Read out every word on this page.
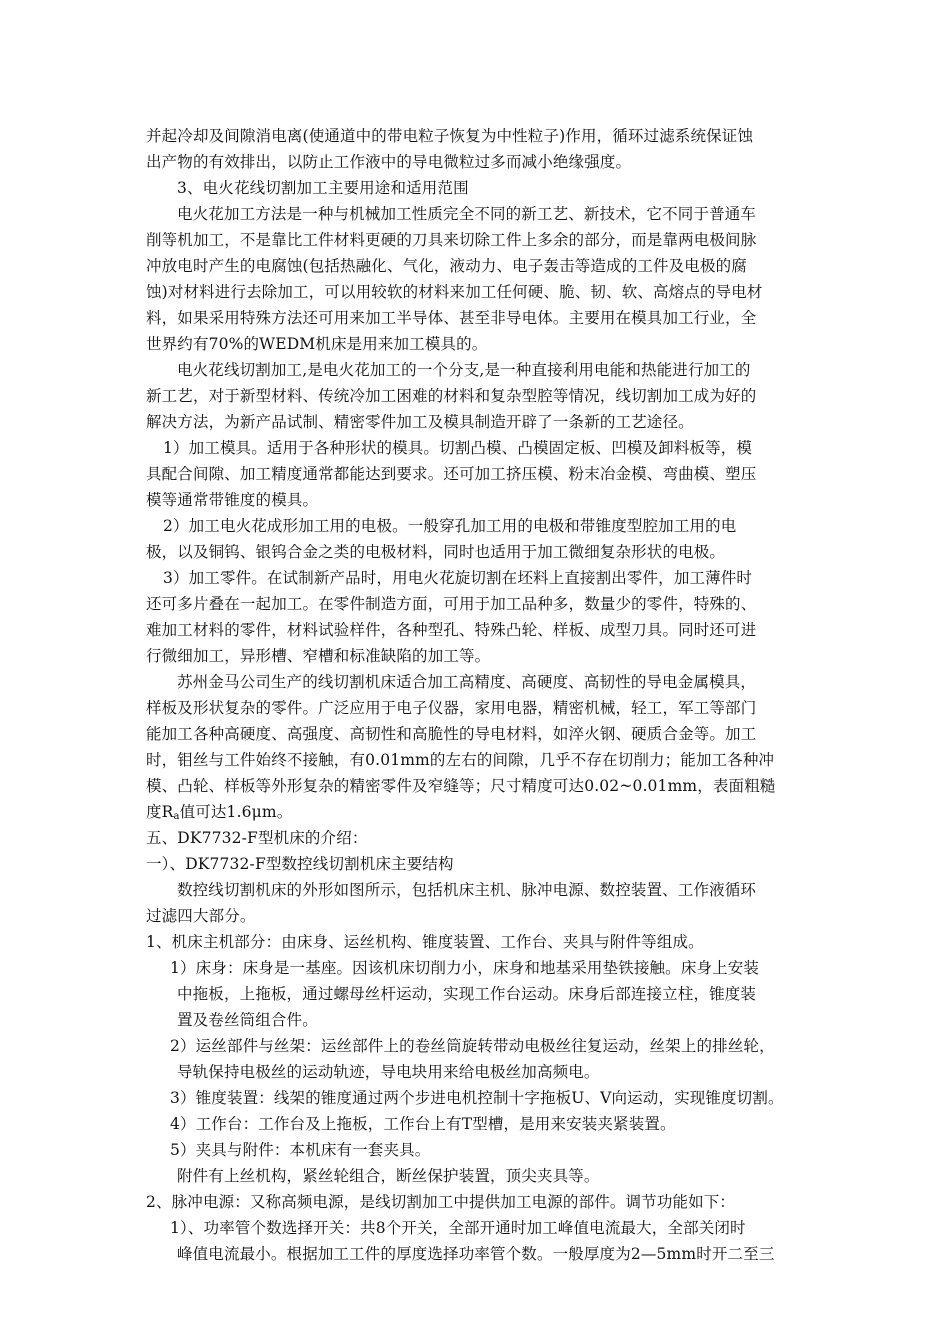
并起冷却及间隙消电离(使通道中的带电粒子恢复为中性粒子)作用，循环过滤系统保证蚀
出产物的有效排出，以防止工作液中的导电微粒过多而减小绝缘强度。
3、电火花线切割加工主要用途和适用范围
电火花加工方法是一种与机械加工性质完全不同的新工艺、新技术，它不同于普通车
削等机加工，不是靠比工件材料更硬的刀具来切除工件上多余的部分，而是靠两电极间脉
冲放电时产生的电腐蚀(包括热融化、气化，液动力、电子轰击等造成的工件及电极的腐
蚀)对材料进行去除加工，可以用较软的材料来加工任何硬、脆、韧、软、高熔点的导电材
料，如果采用特殊方法还可用来加工半导体、甚至非导电体。主要用在模具加工行业，全
世界约有70%的WEDM机床是用来加工模具的。
电火花线切割加工,是电火花加工的一个分支,是一种直接利用电能和热能进行加工的
新工艺，对于新型材料、传统冷加工困难的材料和复杂型腔等情况，线切割加工成为好的
解决方法，为新产品试制、精密零件加工及模具制造开辟了一条新的工艺途径。
1）加工模具。适用于各种形状的模具。切割凸模、凸模固定板、凹模及卸料板等，模
具配合间隙、加工精度通常都能达到要求。还可加工挤压模、粉末冶金模、弯曲模、塑压
模等通常带锥度的模具。
2）加工电火花成形加工用的电极。一般穿孔加工用的电极和带锥度型腔加工用的电
极，以及铜钨、银钨合金之类的电极材料，同时也适用于加工微细复杂形状的电极。
3）加工零件。在试制新产品时，用电火花旋切割在坯料上直接割出零件，加工薄件时
还可多片叠在一起加工。在零件制造方面，可用于加工品种多，数量少的零件，特殊的、
难加工材料的零件，材料试验样件，各种型孔、特殊凸轮、样板、成型刀具。同时还可进
行微细加工，异形槽、窄槽和标准缺陷的加工等。
苏州金马公司生产的线切割机床适合加工高精度、高硬度、高韧性的导电金属模具，
样板及形状复杂的零件。广泛应用于电子仪器，家用电器，精密机械，轻工，军工等部门
能加工各种高硬度、高强度、高韧性和高脆性的导电材料，如淬火钢、硬质合金等。加工
时，钼丝与工件始终不接触，有0.01mm的左右的间隙，几乎不存在切削力；能加工各种冲
模、凸轮、样板等外形复杂的精密零件及窄缝等；尺寸精度可达0.02~0.01mm，表面粗糙
度$R_a$值可达1.6μm。
五、DK7732-F型机床的介绍：
一）、DK7732-F型数控线切割机床主要结构
数控线切割机床的外形如图所示，包括机床主机、脉冲电源、数控装置、工作液循环
过滤四大部分。
1、机床主机部分：由床身、运丝机构、锥度装置、工作台、夹具与附件等组成。
1）床身：床身是一基座。因该机床切削力小，床身和地基采用垫铁接触。床身上安装
中拖板，上拖板，通过螺母丝杆运动，实现工作台运动。床身后部连接立柱，锥度装
置及卷丝筒组合件。
2）运丝部件与丝架：运丝部件上的卷丝筒旋转带动电极丝往复运动，丝架上的排丝轮，
导轨保持电极丝的运动轨迹，导电块用来给电极丝加高频电。
3）锥度装置：线架的锥度通过两个步进电机控制十字拖板U、V向运动，实现锥度切割。
4）工作台：工作台及上拖板，工作台上有T型槽，是用来安装夹紧装置。
5）夹具与附件：本机床有一套夹具。
附件有上丝机构，紧丝轮组合，断丝保护装置，顶尖夹具等。
2、脉冲电源：又称高频电源，是线切割加工中提供加工电源的部件。调节功能如下：
1）、功率管个数选择开关：共8个开关，全部开通时加工峰值电流最大，全部关闭时
峰值电流最小。根据加工工件的厚度选择功率管个数。一般厚度为2—5mm时开二至三
